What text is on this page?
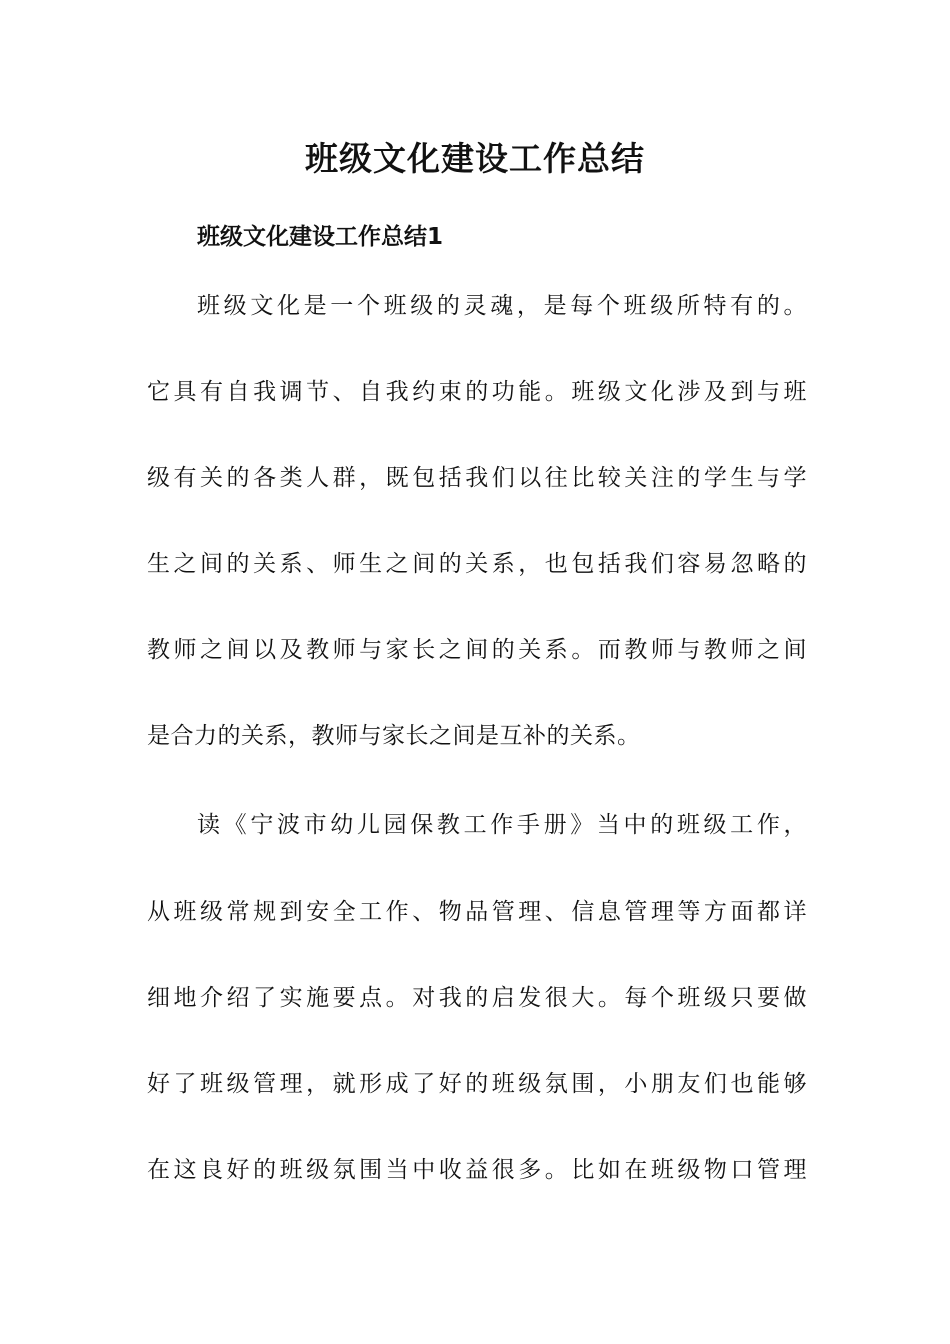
班级文化建设工作总结
班级文化建设工作总结1

班级文化是一个班级的灵魂，是每个班级所特有的。

它具有自我调节、自我约束的功能。班级文化涉及到与班

级有关的各类人群，既包括我们以往比较关注的学生与学

生之间的关系、师生之间的关系，也包括我们容易忽略的

教师之间以及教师与家长之间的关系。而教师与教师之间

是合力的关系，教师与家长之间是互补的关系。

读《宁波市幼儿园保教工作手册》当中的班级工作，

从班级常规到安全工作、物品管理、信息管理等方面都详

细地介绍了实施要点。对我的启发很大。每个班级只要做

好了班级管理，就形成了好的班级氛围，小朋友们也能够

在这良好的班级氛围当中收益很多。比如在班级物口管理
